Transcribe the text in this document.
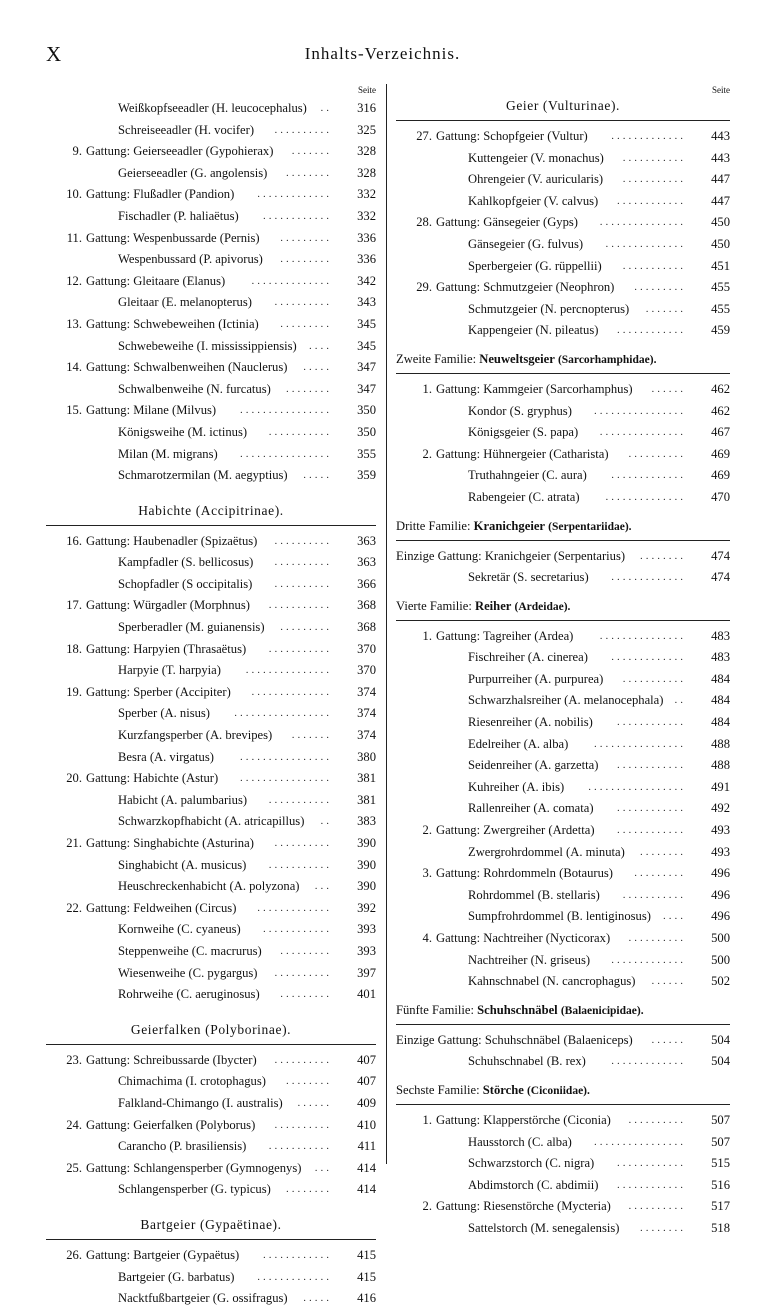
X	Inhalts-Verzeichnis.
Seite
Weißkopfseeadler (H. leucocephalus) ..	316
Schreiseeadler (H. vocifer) ..........	325
9. Gattung: Geierseeadler (Gypohierax) .......	328
Geierseeadler (G. angolensis) ........	328
10. Gattung: Flußadler (Pandion) .............	332
Fischadler (P. haliaëtus) ............	332
11. Gattung: Wespenbussarde (Pernis) .........	336
Wespenbussard (P. apivorus) .........	336
12. Gattung: Gleitaare (Elanus) ..............	342
Gleitaar (E. melanopterus) ..........	343
13. Gattung: Schwebeweihen (Ictinia) .........	345
Schwebeweihe (I. mississippiensis) ....	345
14. Gattung: Schwalbenweihen (Nauclerus) .....	347
Schwalbenweihe (N. furcatus) ........	347
15. Gattung: Milane (Milvus) ................	350
Königsweihe (M. ictinus) ...........	350
Milan (M. migrans) ................	355
Schmarotzermilan (M. aegyptius) .....	359
Habichte (Accipitrinae).
16. Gattung: Haubenadler (Spizaëtus) ..........	363
Kampfadler (S. bellicosus) ..........	363
Schopfadler (S occipitalis) ..........	366
17. Gattung: Würgadler (Morphnus) ...........	368
Sperberadler (M. guianensis) .........	368
18. Gattung: Harpyien (Thrasaëtus) ...........	370
Harpyie (T. harpyia) ...............	370
19. Gattung: Sperber (Accipiter) ..............	374
Sperber (A. nisus) .................	374
Kurzfangsperber (A. brevipes) .......	374
Besra (A. virgatus) ................	380
20. Gattung: Habichte (Astur) ................	381
Habicht (A. palumbarius) ...........	381
Schwarzkopfhabicht (A. atricapillus) ..	383
21. Gattung: Singhabichte (Asturina) ..........	390
Singhabicht (A. musicus) ...........	390
Heuschreckenhabicht (A. polyzona) ...	390
22. Gattung: Feldweihen (Circus) .............	392
Kornweihe (C. cyaneus) ............	393
Steppenweihe (C. macrurus) .........	393
Wiesenweihe (C. pygargus) ..........	397
Rohrweihe (C. aeruginosus) .........	401
Geierfalken (Polyborinae).
23. Gattung: Schreibussarde (Ibycter) ..........	407
Chimachima (I. crotophagus) ........	407
Falkland-Chimango (I. australis) ......	409
24. Gattung: Geierfalken (Polyborus) ..........	410
Carancho (P. brasiliensis) ...........	411
25. Gattung: Schlangensperber (Gymnogenys) ...	414
Schlangensperber (G. typicus) ........	414
Bartgeier (Gypaëtinae).
26. Gattung: Bartgeier (Gypaëtus) ............	415
Bartgeier (G. barbatus) .............	415
Nacktfußbartgeier (G. ossifragus) .....	416
Seite
Geier (Vulturinae).
27. Gattung: Schopfgeier (Vultur) .............	443
Kuttengeier (V. monachus) ...........	443
Ohrengeier (V. auricularis) ...........	447
Kahlkopfgeier (V. calvus) ............	447
28. Gattung: Gänsegeier (Gyps) ...............	450
Gänsegeier (G. fulvus) ..............	450
Sperbergeier (G. rüppellii) ...........	451
29. Gattung: Schmutzgeier (Neophron) .........	455
Schmutzgeier (N. percnopterus) .......	455
Kappengeier (N. pileatus) ............	459
Zweite Familie: Neuweltsgeier (Sarcorhamphidae).
1. Gattung: Kammgeier (Sarcorhamphus) ......	462
Kondor (S. gryphus) ................	462
Königsgeier (S. papa) ...............	467
2. Gattung: Hühnergeier (Catharista) ..........	469
Truthahngeier (C. aura) .............	469
Rabengeier (C. atrata) ..............	470
Dritte Familie: Kranichgeier (Serpentariidae).
Einzige Gattung: Kranichgeier (Serpentarius) ........	474
Sekretär (S. secretarius) .............	474
Vierte Familie: Reiher (Ardeidae).
1. Gattung: Tagreiher (Ardea) ...............	483
Fischreiher (A. cinerea) .............	483
Purpurreiher (A. purpurea) ...........	484
Schwarzhalsreiher (A. melanocephala) ..	484
Riesenreiher (A. nobilis) ............	484
Edelreiher (A. alba) ................	488
Seidenreiher (A. garzetta) ............	488
Kuhreiher (A. ibis) .................	491
Rallenreiher (A. comata) ............	492
2. Gattung: Zwergreiher (Ardetta) ............	493
Zwergrohrdommel (A. minuta) ........	493
3. Gattung: Rohrdommeln (Botaurus) .........	496
Rohrdommel (B. stellaris) ...........	496
Sumpfrohrdommel (B. lentiginosus) ....	496
4. Gattung: Nachtreiher (Nycticorax) ..........	500
Nachtreiher (N. griseus) .............	500
Kahnschnabel (N. cancrophagus) ......	502
Fünfte Familie: Schuhschnäbel (Balaenicipidae).
Einzige Gattung: Schuhschnäbel (Balaeniceps) ......	504
Schuhschnabel (B. rex) .............	504
Sechste Familie: Störche (Ciconiidae).
1. Gattung: Klapperstörche (Ciconia) ..........	507
Hausstorch (C. alba) ................	507
Schwarzstorch (C. nigra) ............	515
Abdimstorch (C. abdimii) ............	516
2. Gattung: Riesenstörche (Mycteria) ..........	517
Sattelstorch (M. senegalensis) ........	518
